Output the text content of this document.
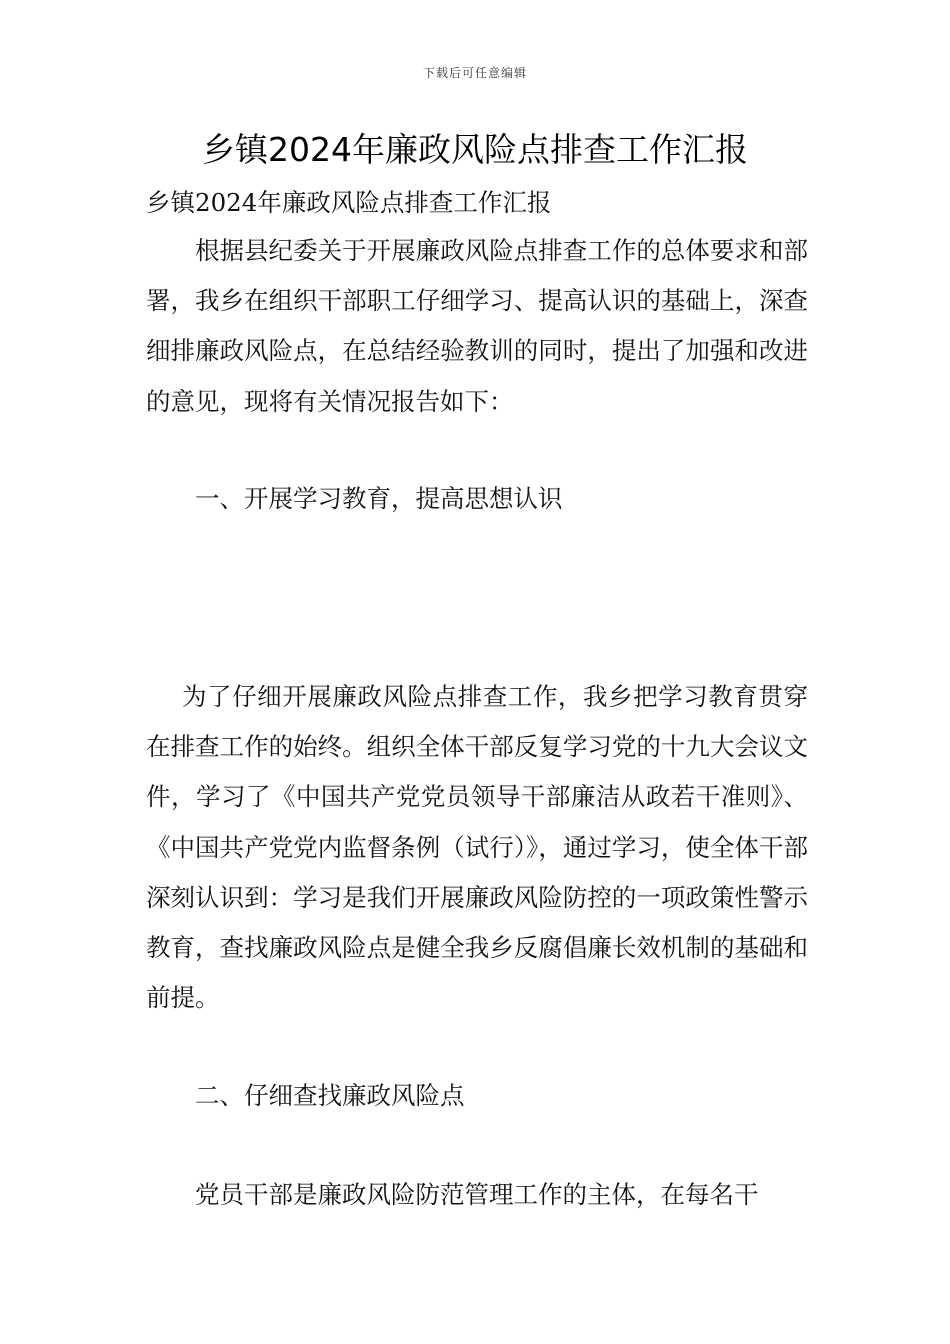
下载后可任意编辑
乡镇2024年廉政风险点排查工作汇报

乡镇2024年廉政风险点排查工作汇报

根据县纪委关于开展廉政风险点排查工作的总体要求和部署，我乡在组织干部职工仔细学习、提高认识的基础上，深查细排廉政风险点，在总结经验教训的同时，提出了加强和改进的意见，现将有关情况报告如下：

一、开展学习教育，提高思想认识

为了仔细开展廉政风险点排查工作，我乡把学习教育贯穿在排查工作的始终。组织全体干部反复学习党的十九大会议文件，学习了《中国共产党党员领导干部廉洁从政若干准则》、《中国共产党党内监督条例（试行）》，通过学习，使全体干部深刻认识到：学习是我们开展廉政风险防控的一项政策性警示教育，查找廉政风险点是健全我乡反腐倡廉长效机制的基础和前提。

二、仔细查找廉政风险点

党员干部是廉政风险防范管理工作的主体，在每名干
